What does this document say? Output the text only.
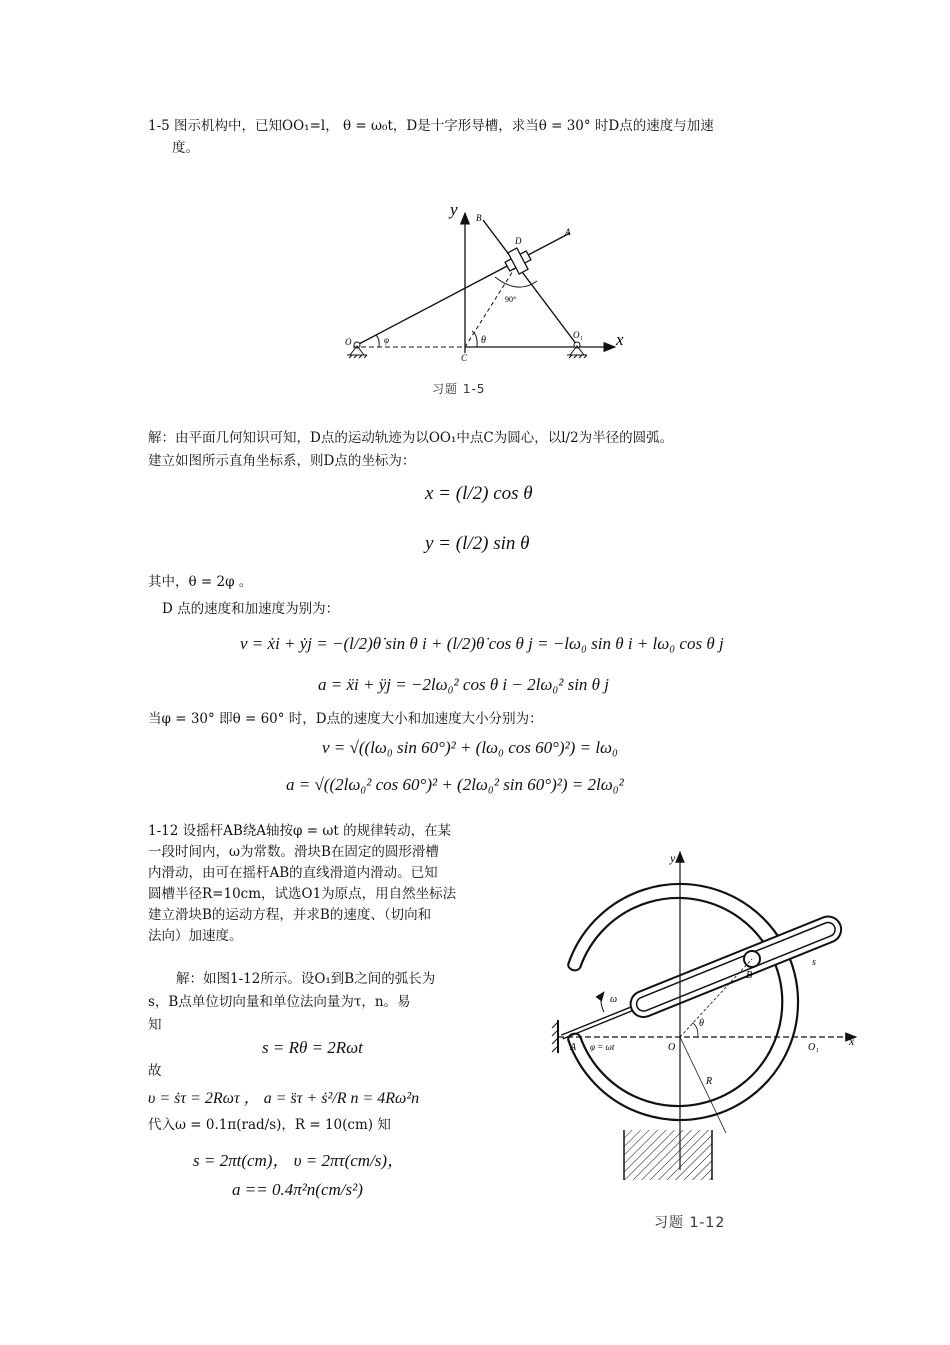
1-5 图示机构中，已知OO₁=l， θ = ω₀t，D是十字形导槽，求当θ = 30° 时D点的速度与加速
度。
y
x
B
A
D
O
C
O₁
φ	θ
90°
习题 1-5
解：由平面几何知识可知，D点的运动轨迹为以OO₁中点C为圆心，以l/2为半径的圆弧。
建立如图所示直角坐标系，则D点的坐标为：
x = (l/2) cos θ
y = (l/2) sin θ
其中，θ = 2φ 。
D 点的速度和加速度为别为：
v = ẋi + ẏj = −(l/2)θ̇ sin θ i + (l/2)θ̇ cos θ j = −lω₀ sin θ i + lω₀ cos θ j
a = ẍi + ÿj = −2lω₀² cos θ i − 2lω₀² sin θ j
当φ = 30° 即θ = 60° 时，D点的速度大小和加速度大小分别为：
v = √((lω₀ sin 60°)² + (lω₀ cos 60°)²) = lω₀
a = √((2lω₀² cos 60°)² + (2lω₀² sin 60°)²) = 2lω₀²
1-12 设摇杆AB绕A轴按φ = ωt 的规律转动，在某
一段时间内，ω为常数。滑块B在固定的圆形滑槽
内滑动，由可在摇杆AB的直线滑道内滑动。已知
圆槽半径R=10cm，试选O1为原点，用自然坐标法
建立滑块B的运动方程，并求B的速度、（切向和
法向）加速度。
解：如图1-12所示。设O₁到B之间的弧长为
s，B点单位切向量和单位法向量为τ，n。易
知
s = Rθ = 2Rωt
故
υ = ṡτ = 2Rωτ ， a = s̈τ + ṡ²/R n = 4Rω²n
代入ω = 0.1π(rad/s)，R = 10(cm) 知
s = 2πt(cm)， υ = 2πτ(cm/s)，
a == 0.4π²n(cm/s²)
y
x
B
A	O	O₁
s
R
ω
θ
φ = ωt
习题 1-12
